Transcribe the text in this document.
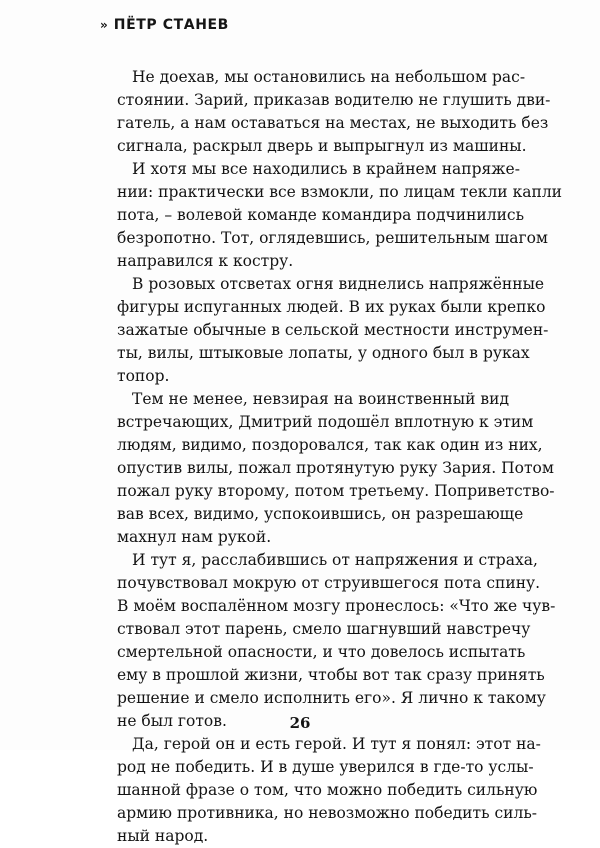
» ПЁТР СТАНЕВ
Не доехав, мы остановились на небольшом рас-
стоянии. Зарий, приказав водителю не глушить дви-
гатель, а нам оставаться на местах, не выходить без
сигнала, раскрыл дверь и выпрыгнул из машины.
И хотя мы все находились в крайнем напряже-
нии: практически все взмокли, по лицам текли капли
пота, – волевой команде командира подчинились
безропотно. Тот, оглядевшись, решительным шагом
направился к костру.
В розовых отсветах огня виднелись напряжённые
фигуры испуганных людей. В их руках были крепко
зажатые обычные в сельской местности инструмен-
ты, вилы, штыковые лопаты, у одного был в руках
топор.
Тем не менее, невзирая на воинственный вид
встречающих, Дмитрий подошёл вплотную к этим
людям, видимо, поздоровался, так как один из них,
опустив вилы, пожал протянутую руку Зария. Потом
пожал руку второму, потом третьему. Поприветство-
вав всех, видимо, успокоившись, он разрешающе
махнул нам рукой.
И тут я, расслабившись от напряжения и страха,
почувствовал мокрую от струившегося пота спину.
В моём воспалённом мозгу пронеслось: «Что же чув-
ствовал этот парень, смело шагнувший навстречу
смертельной опасности, и что довелось испытать
ему в прошлой жизни, чтобы вот так сразу принять
решение и смело исполнить его». Я лично к такому
не был готов.
Да, герой он и есть герой. И тут я понял: этот на-
род не победить. И в душе уверился в где-то услы-
шанной фразе о том, что можно победить сильную
армию противника, но невозможно победить силь-
ный народ.
26
